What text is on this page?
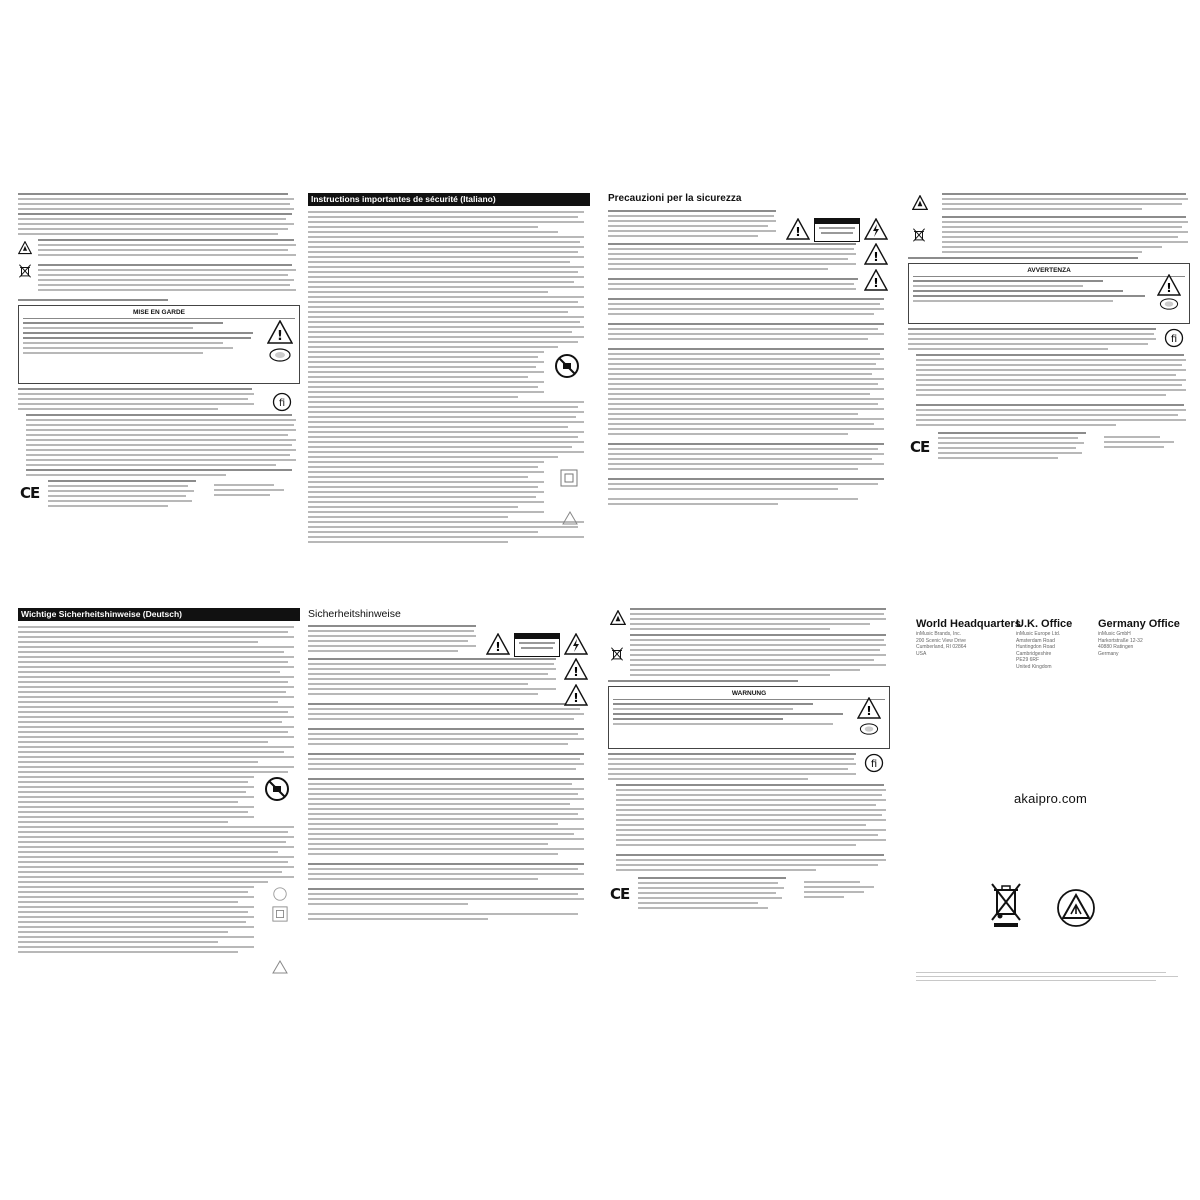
MISE EN GARDE
!
fi
CE
Instructions importantes de sécurité (Italiano)	Precauzioni per la sicurezza
!
!
!
AVVERTENZA
!
fi
CE
Wichtige Sicherheitshinweise (Deutsch)	Sicherheitshinweise
!
!
!	WARNUNG
!
fi
CE
World Headquarters
inMusic Brands, Inc.
200 Scenic View Drive
Cumberland, RI 02864
USA
U.K. Office
inMusic Europe Ltd.
Amsterdam Road
Huntingdon Road
Cambridgeshire
PE29 6RF
United Kingdom
Germany Office
inMusic GmbH
Harkortstraße 12-32
40880 Ratingen
Germany
akaipro.com
